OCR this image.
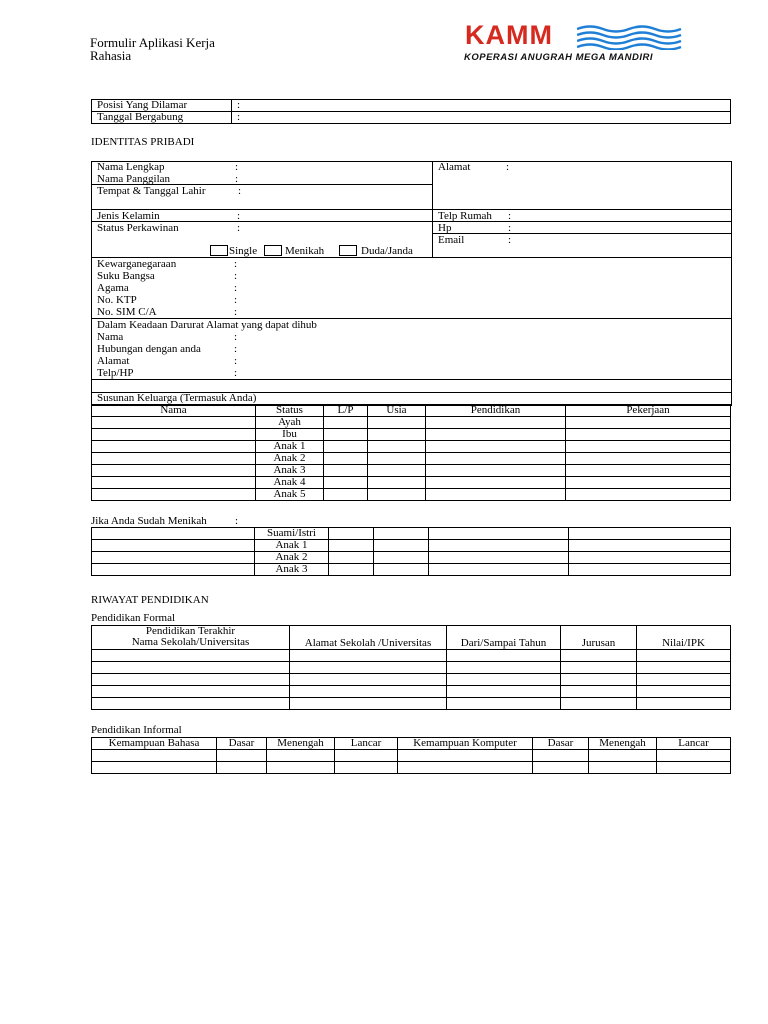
Formulir Aplikasi Kerja
Rahasia
KAMM
KOPERASI ANUGRAH MEGA MANDIRI
Posisi Yang Dilamar	:
Tanggal Bergabung	:
IDENTITAS PRIBADI
Nama Lengkap	:
Nama Panggilan	:
Tempat & Tanggal Lahir	:
Jenis Kelamin	:
Status Perkawinan	:
Single	Menikah	Duda/Janda
Alamat	:
Telp Rumah :
Hp	:
Email	:
Kewarganegaraan	:
Suku Bangsa	:
Agama	:
No. KTP	:
No. SIM C/A	:
Dalam Keadaan Darurat Alamat yang dapat dihub
Nama	:
Hubungan dengan anda	:
Alamat	:
Telp/HP	:
Susunan Keluarga (Termasuk Anda)
Nama	Status	L/P	Usia	Pendidikan	Pekerjaan
	Ayah				
	Ibu				
	Anak 1				
	Anak 2				
	Anak 3				
	Anak 4				
	Anak 5				
Jika Anda Sudah Menikah	:
	Suami/Istri				
	Anak 1				
	Anak 2				
	Anak 3				
RIWAYAT PENDIDIKAN
Pendidikan Formal
Pendidikan Terakhir
Nama Sekolah/Universitas	Alamat Sekolah /Universitas	Dari/Sampai Tahun	Jurusan	Nilai/IPK

Pendidikan Informal
Kemampuan Bahasa	Dasar	Menengah	Lancar	Kemampuan Komputer	Dasar	Menengah	Lancar
